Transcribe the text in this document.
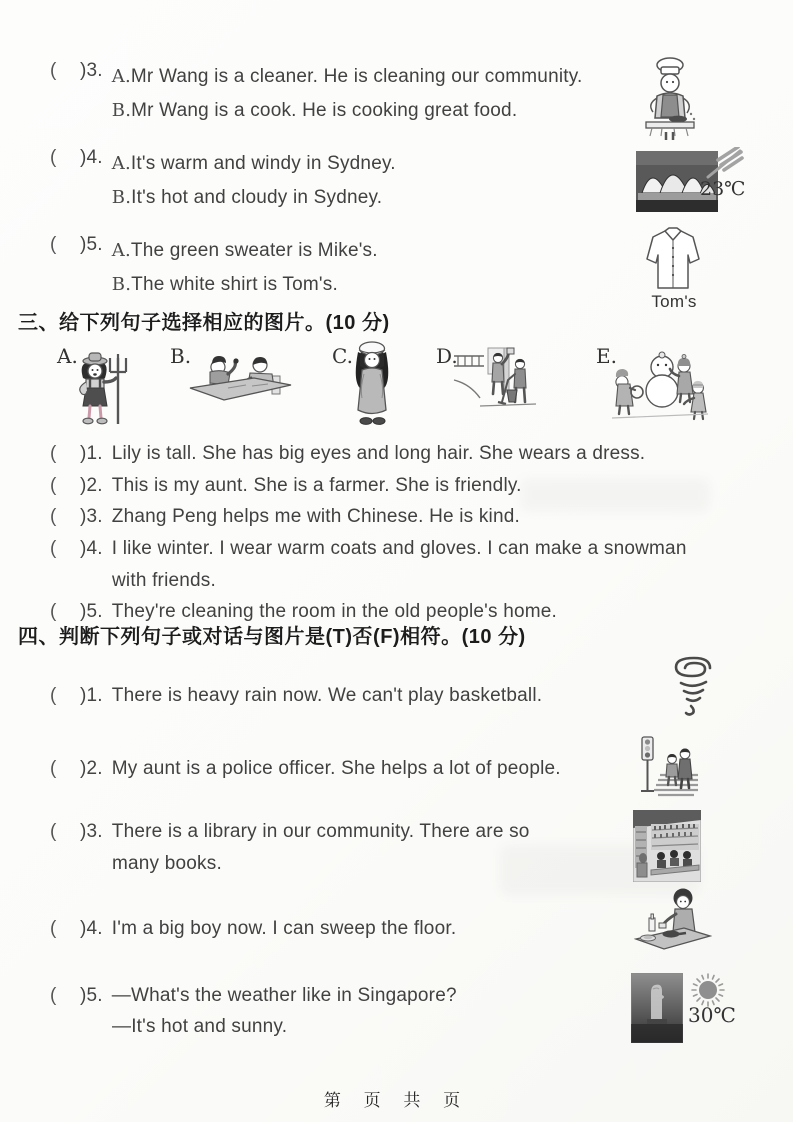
(	)3. A.Mr Wang is a cleaner. He is cleaning our community.
B.Mr Wang is a cook. He is cooking great food.
(	)4. A.It's warm and windy in Sydney.
B.It's hot and cloudy in Sydney.	23℃
(	)5. A.The green sweater is Mike's.
B.The white shirt is Tom's.
Tom's
三、给下列句子选择相应的图片。(10 分)
A.	B.	C.	D.	E.
(	)1. Lily is tall. She has big eyes and long hair. She wears a dress.
(	)2. This is my aunt. She is a farmer. She is friendly.
(	)3. Zhang Peng helps me with Chinese. He is kind.
(	)4. I like winter. I wear warm coats and gloves. I can make a snowman
with friends.
(	)5. They're cleaning the room in the old people's home.
四、判断下列句子或对话与图片是(T)否(F)相符。(10 分)
(	)1. There is heavy rain now. We can't play basketball.
(	)2. My aunt is a police officer. She helps a lot of people.
(	)3. There is a library in our community. There are so
many books.
(	)4. I'm a big boy now. I can sweep the floor.
(	)5. —What's the weather like in Singapore?
—It's hot and sunny.	30℃
第 页 共 页
